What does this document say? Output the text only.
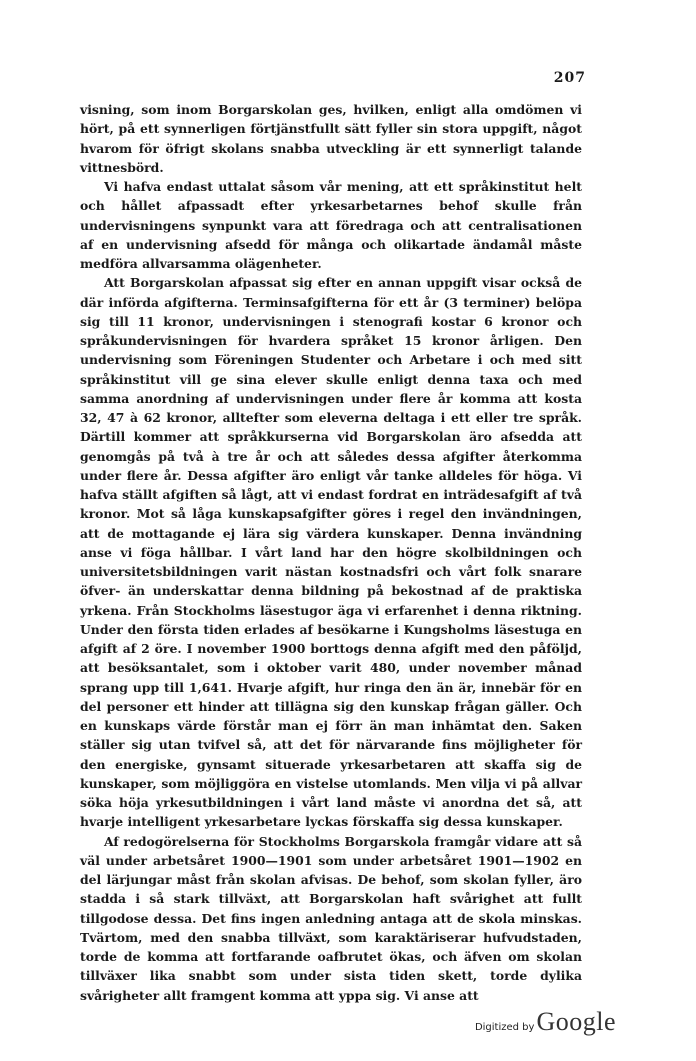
207

visning, som inom Borgarskolan ges, hvilken, enligt alla omdömen vi hört, på ett synnerligen förtjänstfullt sätt fyller sin stora uppgift, något hvarom för öfrigt skolans snabba utveckling är ett synnerligt talande vittnesbörd.

Vi hafva endast uttalat såsom vår mening, att ett språkinstitut helt och hållet afpassadt efter yrkesarbetarnes behof skulle från undervisningens synpunkt vara att föredraga och att centralisationen af en undervisning afsedd för många och olikartade ändamål måste medföra allvarsamma olägenheter.

Att Borgarskolan afpassat sig efter en annan uppgift visar också de där införda afgifterna. Terminsafgifterna för ett år (3 terminer) belöpa sig till 11 kronor, undervisningen i stenografi kostar 6 kronor och språkundervisningen för hvardera språket 15 kronor årligen. Den undervisning som Föreningen Studenter och Arbetare i och med sitt språkinstitut vill ge sina elever skulle enligt denna taxa och med samma anordning af undervisningen under flere år komma att kosta 32, 47 à 62 kronor, alltefter som eleverna deltaga i ett eller tre språk. Därtill kommer att språkkurserna vid Borgarskolan äro afsedda att genomgås på två à tre år och att således dessa afgifter återkomma under flere år. Dessa afgifter äro enligt vår tanke alldeles för höga. Vi hafva ställt afgiften så lågt, att vi endast fordrat en inträdesafgift af två kronor. Mot så låga kunskapsafgifter göres i regel den invändningen, att de mottagande ej lära sig värdera kunskaper. Denna invändning anse vi föga hållbar. I vårt land har den högre skolbildningen och universitetsbildningen varit nästan kostnadsfri och vårt folk snarare öfver- än underskattar denna bildning på bekostnad af de praktiska yrkena. Från Stockholms läsestugor äga vi erfarenhet i denna riktning. Under den första tiden erlades af besökarne i Kungsholms läsestuga en afgift af 2 öre. I november 1900 borttogs denna afgift med den påföljd, att besöksantalet, som i oktober varit 480, under november månad sprang upp till 1,641. Hvarje afgift, hur ringa den än är, innebär för en del personer ett hinder att tillägna sig den kunskap frågan gäller. Och en kunskaps värde förstår man ej förr än man inhämtat den. Saken ställer sig utan tvifvel så, att det för närvarande fins möjligheter för den energiske, gynsamt situerade yrkesarbetaren att skaffa sig de kunskaper, som möjliggöra en vistelse utomlands. Men vilja vi på allvar söka höja yrkesutbildningen i vårt land måste vi anordna det så, att hvarje intelligent yrkesarbetare lyckas förskaffa sig dessa kunskaper.

Af redogörelserna för Stockholms Borgarskola framgår vidare att så väl under arbetsåret 1900—1901 som under arbetsåret 1901—1902 en del lärjungar måst från skolan afvisas. De behof, som skolan fyller, äro stadda i så stark tillväxt, att Borgarskolan haft svårighet att fullt tillgodose dessa. Det fins ingen anledning antaga att de skola minskas. Tvärtom, med den snabba tillväxt, som karaktäriserar hufvudstaden, torde de komma att fortfarande oafbrutet ökas, och äfven om skolan tillväxer lika snabbt som under sista tiden skett, torde dylika svårigheter allt framgent komma att yppa sig. Vi anse att

Digitized by Google
